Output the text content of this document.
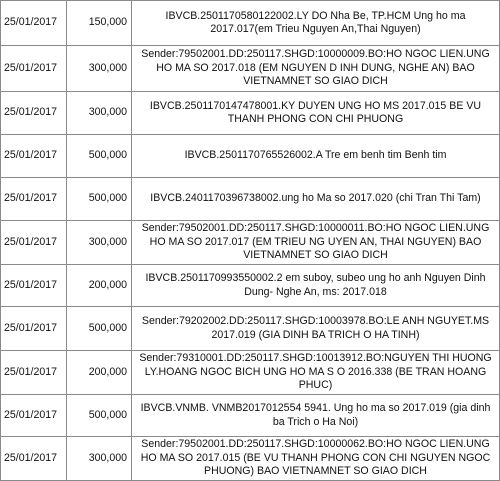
25/01/2017	150,000	IBVCB.2501170580122002.LY DO Nha Be, TP.HCM Ung ho ma 2017.017(em Trieu Nguyen An,Thai Nguyen)
25/01/2017	300,000	Sender:79502001.DD:250117.SHGD:10000009.BO:HO NGOC LIEN.UNG HO MA SO 2017.018 (EM NGUYEN D INH DUNG, NGHE AN) BAO VIETNAMNET SO GIAO DICH
25/01/2017	300,000	IBVCB.2501170147478001.KY DUYEN UNG HO MS 2017.015 BE VU THANH PHONG CON CHI PHUONG
25/01/2017	500,000	IBVCB.2501170765526002.A Tre em benh tim Benh tim
25/01/2017	500,000	IBVCB.2401170396738002.ung ho Ma so 2017.020 (chi Tran Thi Tam)
25/01/2017	300,000	Sender:79502001.DD:250117.SHGD:10000011.BO:HO NGOC LIEN.UNG HO MA SO 2017.017 (EM TRIEU NG UYEN AN, THAI NGUYEN) BAO VIETNAMNET SO GIAO DICH
25/01/2017	200,000	IBVCB.2501170993550002.2 em suboy, subeo ung ho anh Nguyen Dinh Dung- Nghe An, ms: 2017.018
25/01/2017	500,000	Sender:79202002.DD:250117.SHGD:10003978.BO:LE ANH NGUYET.MS 2017.019 (GIA DINH BA TRICH O HA TINH)
25/01/2017	200,000	Sender:79310001.DD:250117.SHGD:10013912.BO:NGUYEN THI HUONG LY.HOANG NGOC BICH UNG HO MA S O 2016.338 (BE TRAN HOANG PHUC)
25/01/2017	500,000	IBVCB.VNMB. VNMB2017012554 5941. Ung ho ma so 2017.019 (gia dinh ba Trich o Ha Noi)
25/01/2017	300,000	Sender:79502001.DD:250117.SHGD:10000062.BO:HO NGOC LIEN.UNG HO MA SO 2017.015 (BE VU THANH PHONG CON CHI NGUYEN NGOC PHUONG) BAO VIETNAMNET SO GIAO DICH
